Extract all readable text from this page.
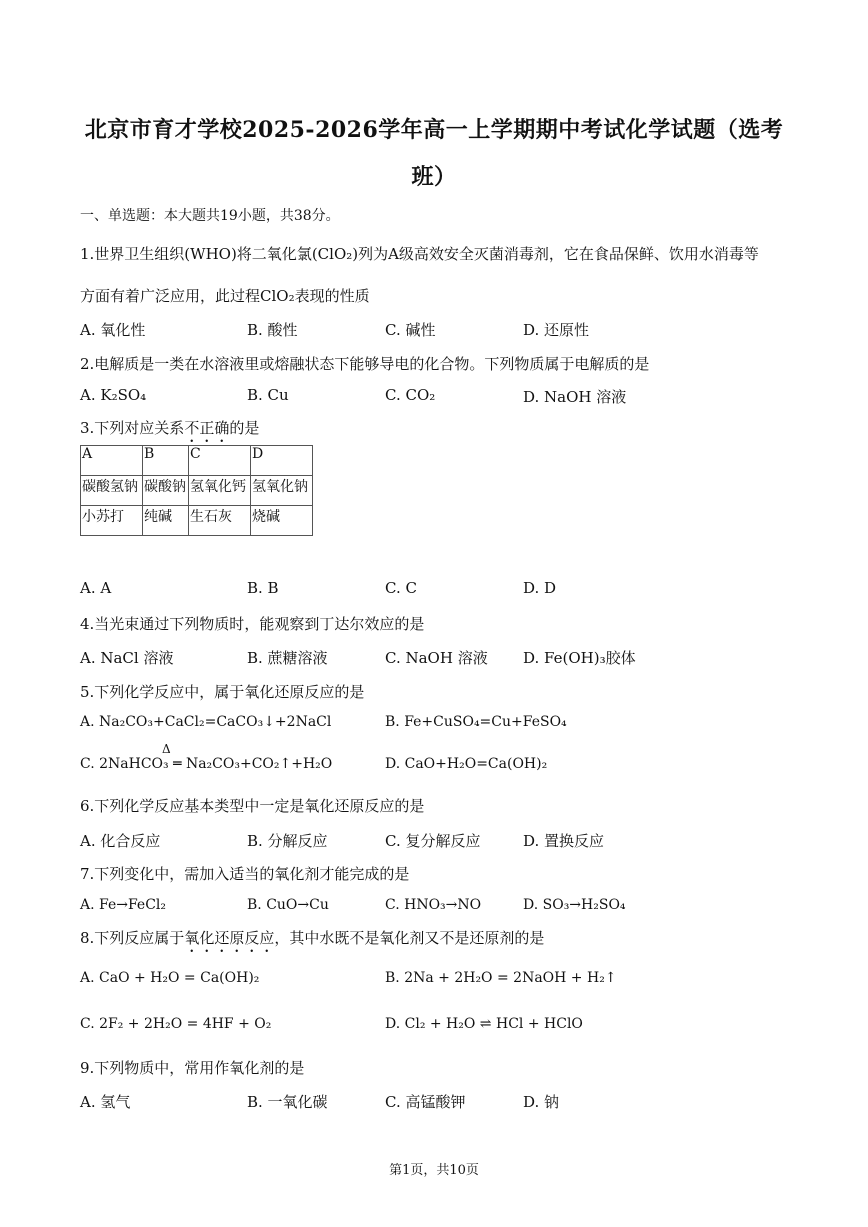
北京市育才学校2025-2026学年高一上学期期中考试化学试题（选考
班）
一、单选题：本大题共19小题，共38分。
1.世界卫生组织(WHO)将二氧化氯(ClO₂)列为A级高效安全灭菌消毒剂，它在食品保鲜、饮用水消毒等
方面有着广泛应用，此过程ClO₂表现的性质
A. 氧化性	B. 酸性	C. 碱性	D. 还原性
2.电解质是一类在水溶液里或熔融状态下能够导电的化合物。下列物质属于电解质的是
A. K₂SO₄	B. Cu	C. CO₂	D. NaOH 溶液
3.下列对应关系不正确的是
A	B	C	D
碳酸氢钠	碳酸钠	氢氧化钙	氢氧化钠
小苏打	纯碱	生石灰	烧碱
A. A	B. B	C. C	D. D
4.当光束通过下列物质时，能观察到丁达尔效应的是
A. NaCl 溶液	B. 蔗糖溶液	C. NaOH 溶液 D. Fe(OH)₃胶体
5.下列化学反应中，属于氧化还原反应的是
A. Na₂CO₃+CaCl₂=CaCO₃↓+2NaCl	B. Fe+CuSO₄=Cu+FeSO₄
Δ
C. 2NaHCO₃ ═ Na₂CO₃+CO₂↑+H₂O	D. CaO+H₂O=Ca(OH)₂
6.下列化学反应基本类型中一定是氧化还原反应的是
A. 化合反应	B. 分解反应	C. 复分解反应	D. 置换反应
7.下列变化中，需加入适当的氧化剂才能完成的是
A. Fe→FeCl₂	B. CuO→Cu	C. HNO₃→NO	D. SO₃→H₂SO₄
8.下列反应属于氧化还原反应，其中水既不是氧化剂又不是还原剂的是
A. CaO + H₂O = Ca(OH)₂	B. 2Na + 2H₂O = 2NaOH + H₂↑
C. 2F₂ + 2H₂O = 4HF + O₂	D. Cl₂ + H₂O ⇌ HCl + HClO
9.下列物质中，常用作氧化剂的是
A. 氢气	B. 一氧化碳	C. 高锰酸钾	D. 钠
第1页，共10页
